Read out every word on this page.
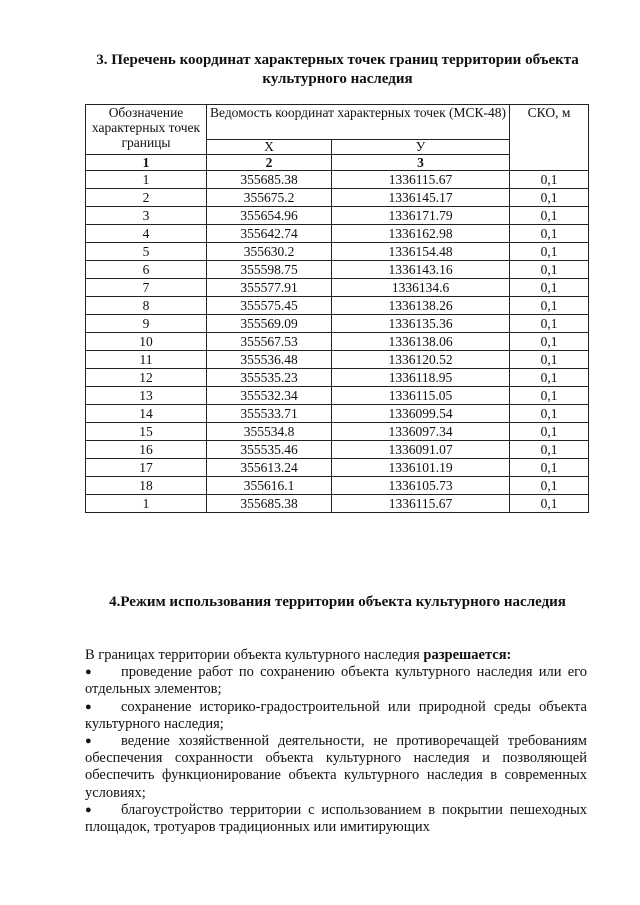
3. Перечень координат характерных точек границ территории объекта культурного наследия
Обозначение характерных точек границы	Ведомость координат характерных точек (МСК-48)		СКО, м
	X	У	
1	2	3	
1	355685.38	1336115.67	0,1
2	355675.2	1336145.17	0,1
3	355654.96	1336171.79	0,1
4	355642.74	1336162.98	0,1
5	355630.2	1336154.48	0,1
6	355598.75	1336143.16	0,1
7	355577.91	1336134.6	0,1
8	355575.45	1336138.26	0,1
9	355569.09	1336135.36	0,1
10	355567.53	1336138.06	0,1
11	355536.48	1336120.52	0,1
12	355535.23	1336118.95	0,1
13	355532.34	1336115.05	0,1
14	355533.71	1336099.54	0,1
15	355534.8	1336097.34	0,1
16	355535.46	1336091.07	0,1
17	355613.24	1336101.19	0,1
18	355616.1	1336105.73	0,1
1	355685.38	1336115.67	0,1
4.Режим использования территории объекта культурного наследия

В границах территории объекта культурного наследия разрешается:

● проведение работ по сохранению объекта культурного наследия или его отдельных элементов;
● сохранение историко-градостроительной или природной среды объекта культурного наследия;
● ведение хозяйственной деятельности, не противоречащей требованиям обеспечения сохранности объекта культурного наследия и позволяющей обеспечить функционирование объекта культурного наследия в современных условиях;
● благоустройство территории с использованием в покрытии пешеходных площадок, тротуаров традиционных или имитирующих
